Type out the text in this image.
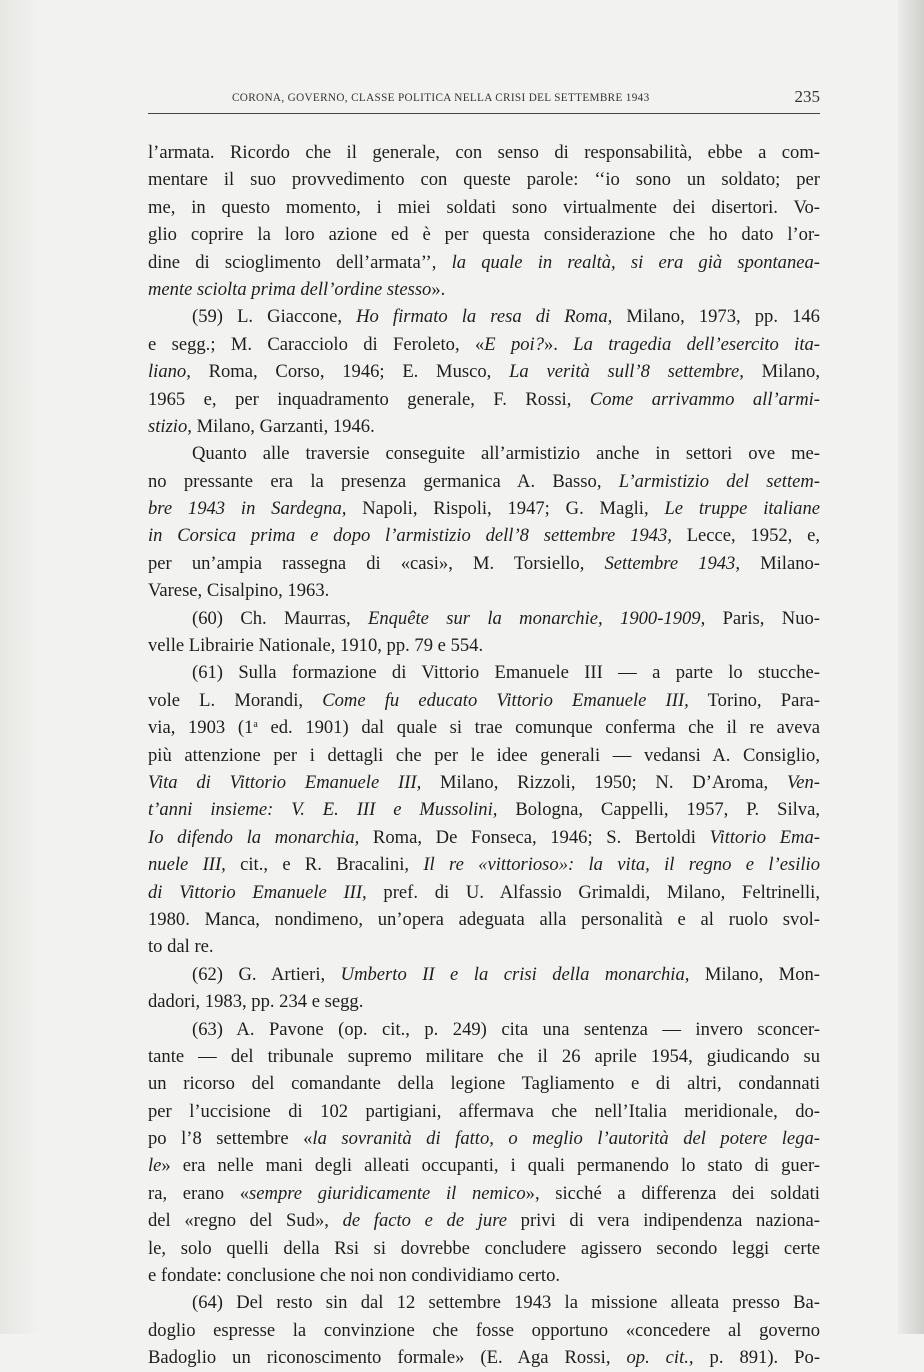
CORONA, GOVERNO, CLASSE POLITICA NELLA CRISI DEL SETTEMBRE 1943	235
l’armata. Ricordo che il generale, con senso di responsabilità, ebbe a com-
mentare il suo provvedimento con queste parole: ‘‘io sono un soldato; per
me, in questo momento, i miei soldati sono virtualmente dei disertori. Vo-
glio coprire la loro azione ed è per questa considerazione che ho dato l’or-
dine di scioglimento dell’armata’’, la quale in realtà, si era già spontanea-
mente sciolta prima dell’ordine stesso».
(59) L. Giaccone, Ho firmato la resa di Roma, Milano, 1973, pp. 146
e segg.; M. Caracciolo di Feroleto, «E poi?». La tragedia dell’esercito ita-
liano, Roma, Corso, 1946; E. Musco, La verità sull’8 settembre, Milano,
1965 e, per inquadramento generale, F. Rossi, Come arrivammo all’armi-
stizio, Milano, Garzanti, 1946.
Quanto alle traversie conseguite all’armistizio anche in settori ove me-
no pressante era la presenza germanica A. Basso, L’armistizio del settem-
bre 1943 in Sardegna, Napoli, Rispoli, 1947; G. Magli, Le truppe italiane
in Corsica prima e dopo l’armistizio dell’8 settembre 1943, Lecce, 1952, e,
per un’ampia rassegna di «casi», M. Torsiello, Settembre 1943, Milano-
Varese, Cisalpino, 1963.
(60) Ch. Maurras, Enquête sur la monarchie, 1900-1909, Paris, Nuo-
velle Librairie Nationale, 1910, pp. 79 e 554.
(61) Sulla formazione di Vittorio Emanuele III — a parte lo stucche-
vole L. Morandi, Come fu educato Vittorio Emanuele III, Torino, Para-
via, 1903 (1$^a$ ed. 1901) dal quale si trae comunque conferma che il re aveva
più attenzione per i dettagli che per le idee generali — vedansi A. Consiglio,
Vita di Vittorio Emanuele III, Milano, Rizzoli, 1950; N. D’Aroma, Ven-
t’anni insieme: V. E. III e Mussolini, Bologna, Cappelli, 1957, P. Silva,
Io difendo la monarchia, Roma, De Fonseca, 1946; S. Bertoldi Vittorio Ema-
nuele III, cit., e R. Bracalini, Il re «vittorioso»: la vita, il regno e l’esilio
di Vittorio Emanuele III, pref. di U. Alfassio Grimaldi, Milano, Feltrinelli,
1980. Manca, nondimeno, un’opera adeguata alla personalità e al ruolo svol-
to dal re.
(62) G. Artieri, Umberto II e la crisi della monarchia, Milano, Mon-
dadori, 1983, pp. 234 e segg.
(63) A. Pavone (op. cit., p. 249) cita una sentenza — invero sconcer-
tante — del tribunale supremo militare che il 26 aprile 1954, giudicando su
un ricorso del comandante della legione Tagliamento e di altri, condannati
per l’uccisione di 102 partigiani, affermava che nell’Italia meridionale, do-
po l’8 settembre «la sovranità di fatto, o meglio l’autorità del potere lega-
le» era nelle mani degli alleati occupanti, i quali permanendo lo stato di guer-
ra, erano «sempre giuridicamente il nemico», sicché a differenza dei soldati
del «regno del Sud», de facto e de jure privi di vera indipendenza naziona-
le, solo quelli della Rsi si dovrebbe concludere agissero secondo leggi certe
e fondate: conclusione che noi non condividiamo certo.
(64) Del resto sin dal 12 settembre 1943 la missione alleata presso Ba-
doglio espresse la convinzione che fosse opportuno «concedere al governo
Badoglio un riconoscimento formale» (E. Aga Rossi, op. cit., p. 891). Po-
